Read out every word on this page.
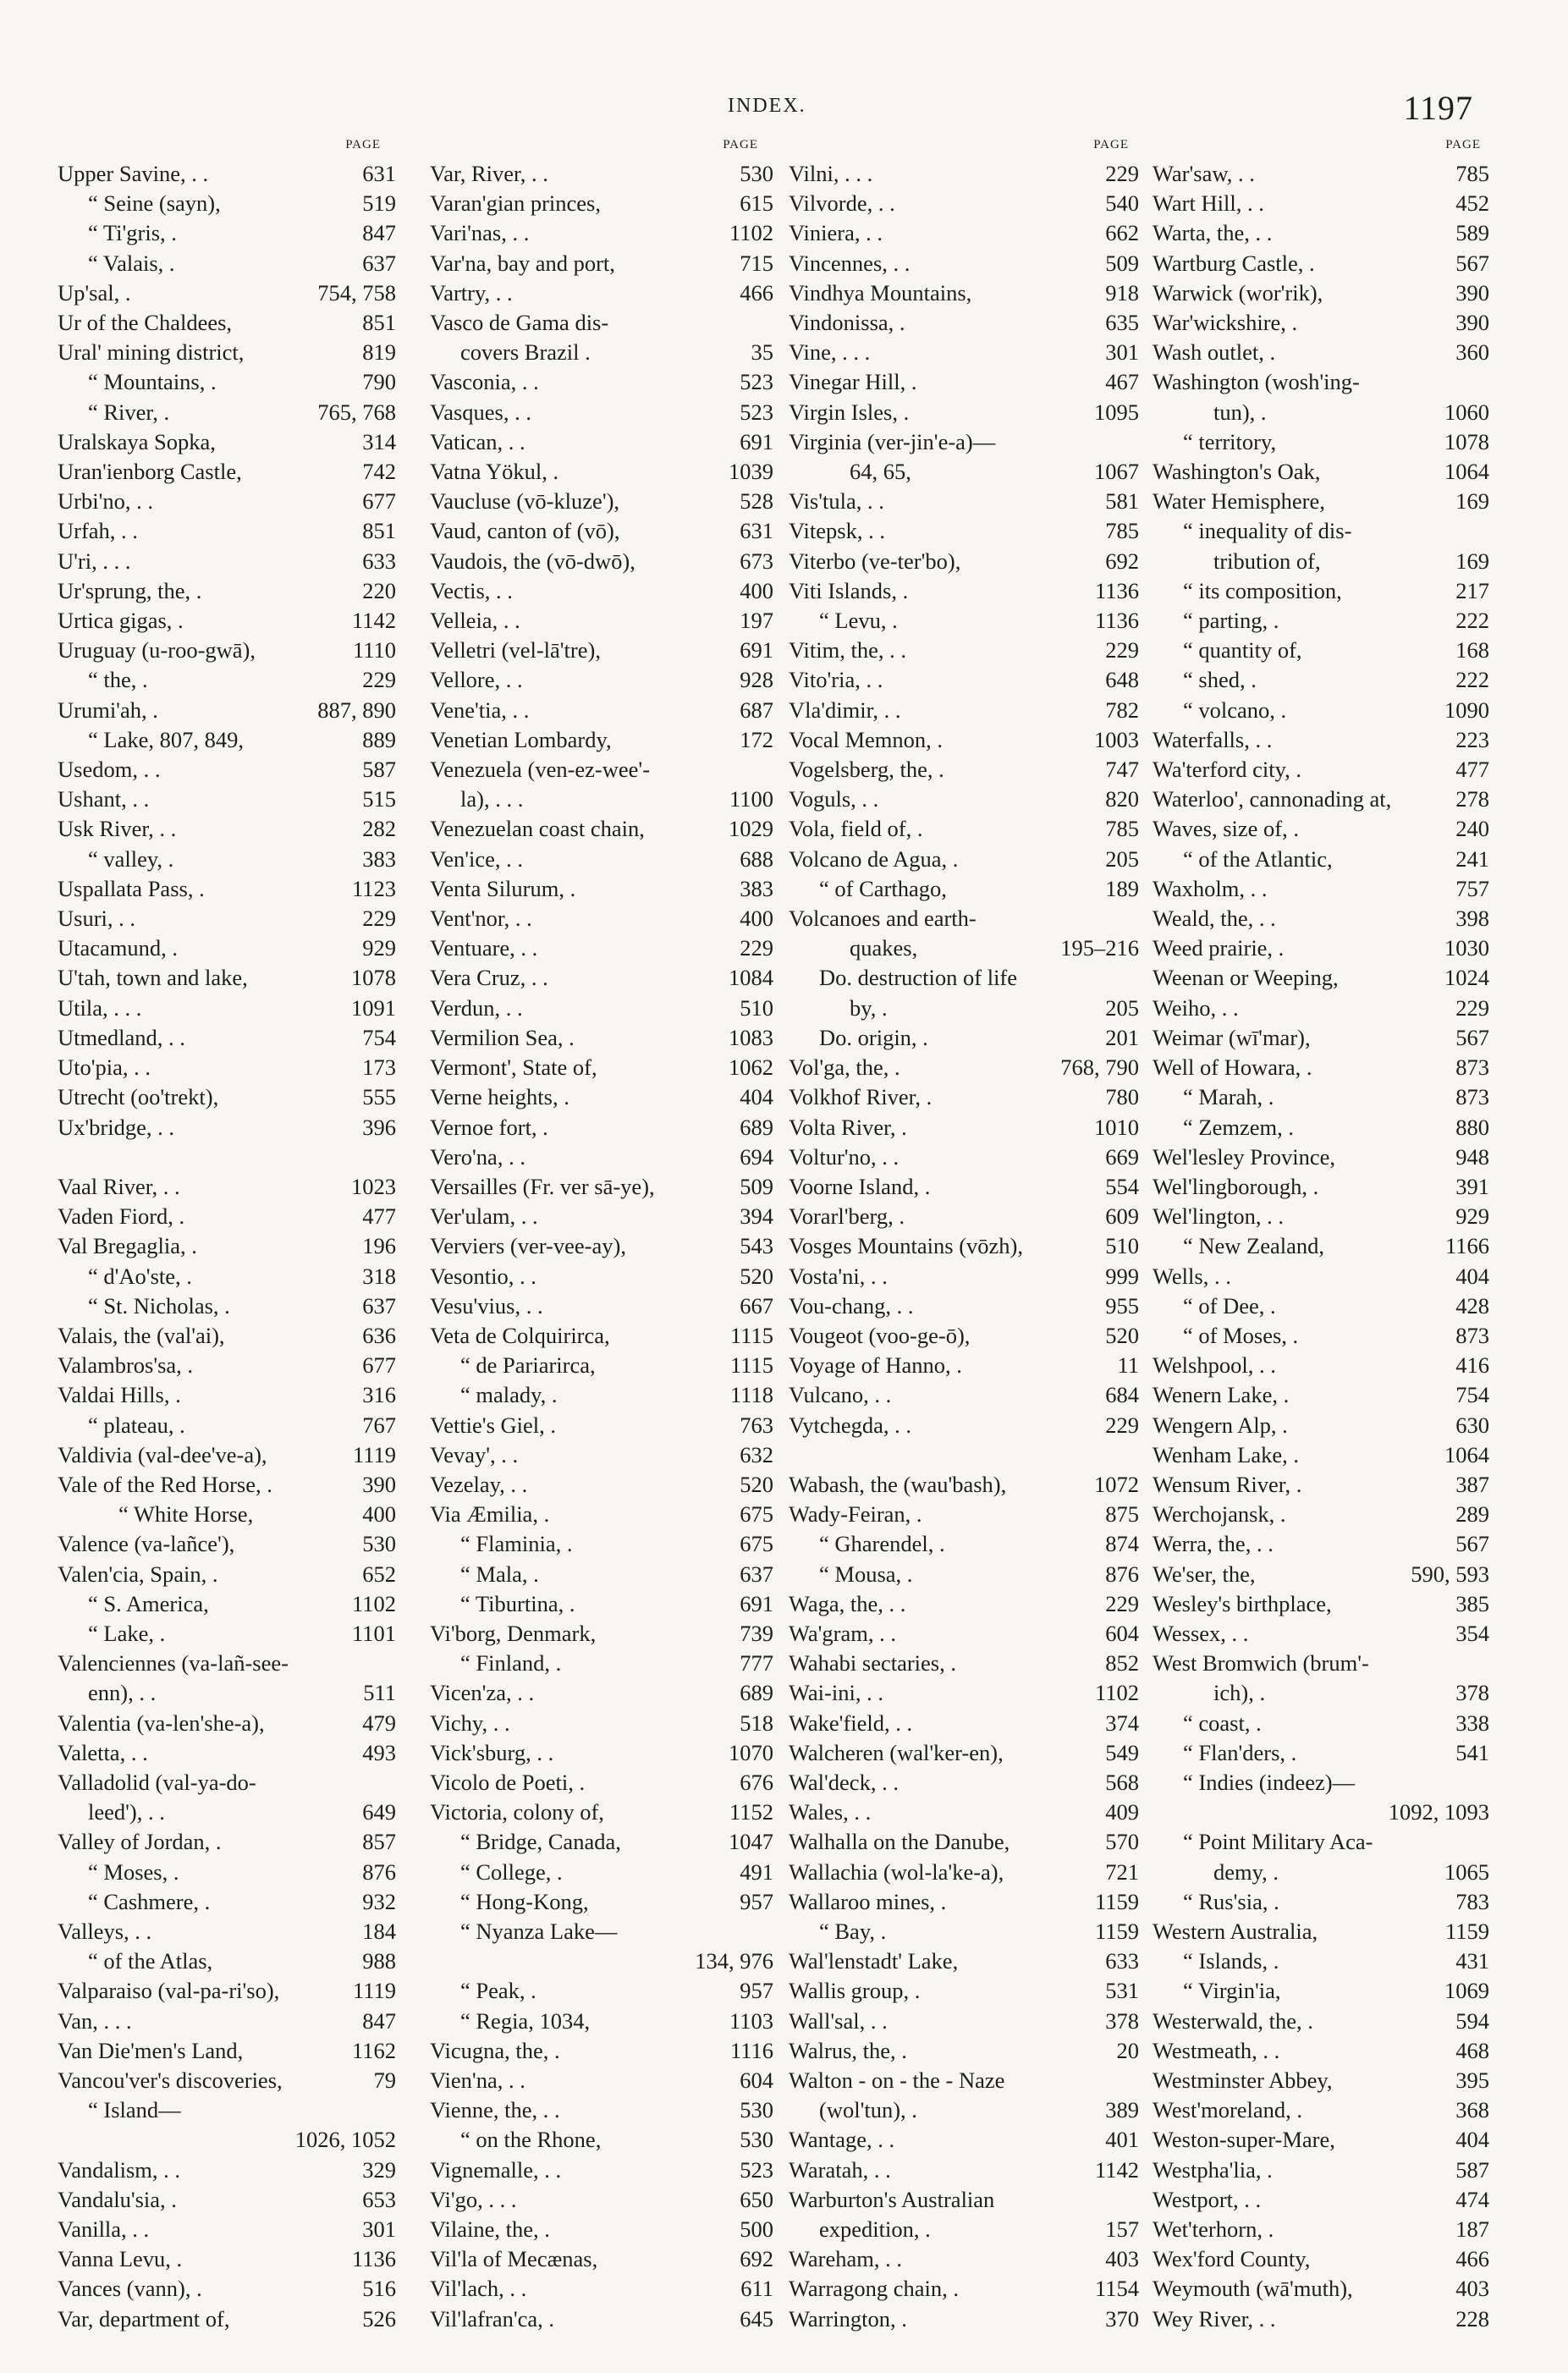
INDEX.	1197
PAGE
Upper Savine, . .	631
“ Seine (sayn),	519
“ Ti'gris, .	847
“ Valais, .	637
Up'sal, .	754, 758
Ur of the Chaldees,	851
Ural' mining district,	819
“ Mountains, .	790
“ River, .	765, 768
Uralskaya Sopka,	314
Uran'ienborg Castle,	742
Urbi'no, . .	677
Urfah, . .	851
U'ri, . . .	633
Ur'sprung, the, .	220
Urtica gigas, .	1142
Uruguay (u-roo-gwā),	1110
“ the, .	229
Urumi'ah, .	887, 890
“ Lake, 807, 849,	889
Usedom, . .	587
Ushant, . .	515
Usk River, . .	282
“ valley, .	383
Uspallata Pass, .	1123
Usuri, . .	229
Utacamund, .	929
U'tah, town and lake,	1078
Utila, . . .	1091
Utmedland, . .	754
Uto'pia, . .	173
Utrecht (oo'trekt),	555
Ux'bridge, . .	396
Vaal River, . .	1023
Vaden Fiord, .	477
Val Bregaglia, .	196
“ d'Ao'ste, .	318
“ St. Nicholas, .	637
Valais, the (val'ai),	636
Valambros'sa, .	677
Valdai Hills, .	316
“ plateau, .	767
Valdivia (val-dee've-a),	1119
Vale of the Red Horse, .	390
“ White Horse,	400
Valence (va-lañce'),	530
Valen'cia, Spain, .	652
“ S. America,	1102
“ Lake, .	1101
Valenciennes (va-lañ-see-
enn), . .	511
Valentia (va-len'she-a),	479
Valetta, . .	493
Valladolid (val-ya-do-
leed'), . .	649
Valley of Jordan, .	857
“ Moses, .	876
“ Cashmere, .	932
Valleys, . .	184
“ of the Atlas,	988
Valparaiso (val-pa-ri'so),	1119
Van, . . .	847
Van Die'men's Land,	1162
Vancou'ver's discoveries,	79
“ Island—
1026, 1052
Vandalism, . .	329
Vandalu'sia, .	653
Vanilla, . .	301
Vanna Levu, .	1136
Vances (vann), .	516
Var, department of,	526
PAGE
Var, River, . .	530
Varan'gian princes,	615
Vari'nas, . .	1102
Var'na, bay and port,	715
Vartry, . .	466
Vasco de Gama dis-
covers Brazil .	35
Vasconia, . .	523
Vasques, . .	523
Vatican, . .	691
Vatna Yökul, .	1039
Vaucluse (vō-kluze'),	528
Vaud, canton of (vō),	631
Vaudois, the (vō-dwō),	673
Vectis, . .	400
Velleia, . .	197
Velletri (vel-lā'tre),	691
Vellore, . .	928
Vene'tia, . .	687
Venetian Lombardy,	172
Venezuela (ven-ez-wee'-
la), . . .	1100
Venezuelan coast chain,	1029
Ven'ice, . .	688
Venta Silurum, .	383
Vent'nor, . .	400
Ventuare, . .	229
Vera Cruz, . .	1084
Verdun, . .	510
Vermilion Sea, .	1083
Vermont', State of,	1062
Verne heights, .	404
Vernoe fort, .	689
Vero'na, . .	694
Versailles (Fr. ver sā-ye),	509
Ver'ulam, . .	394
Verviers (ver-vee-ay),	543
Vesontio, . .	520
Vesu'vius, . .	667
Veta de Colquirirca,	1115
“ de Pariarirca,	1115
“ malady, .	1118
Vettie's Giel, .	763
Vevay', . .	632
Vezelay, . .	520
Via Æmilia, .	675
“ Flaminia, .	675
“ Mala, .	637
“ Tiburtina, .	691
Vi'borg, Denmark,	739
“ Finland, .	777
Vicen'za, . .	689
Vichy, . .	518
Vick'sburg, . .	1070
Vicolo de Poeti, .	676
Victoria, colony of,	1152
“ Bridge, Canada,	1047
“ College, .	491
“ Hong-Kong,	957
“ Nyanza Lake—
134, 976
“ Peak, .	957
“ Regia, 1034,	1103
Vicugna, the, .	1116
Vien'na, . .	604
Vienne, the, . .	530
“ on the Rhone,	530
Vignemalle, . .	523
Vi'go, . . .	650
Vilaine, the, .	500
Vil'la of Mecænas,	692
Vil'lach, . .	611
Vil'lafran'ca, .	645
PAGE
Vilni, . . .	229
Vilvorde, . .	540
Viniera, . .	662
Vincennes, . .	509
Vindhya Mountains,	918
Vindonissa, .	635
Vine, . . .	301
Vinegar Hill, .	467
Virgin Isles, .	1095
Virginia (ver-jin'e-a)—
64, 65,	1067
Vis'tula, . .	581
Vitepsk, . .	785
Viterbo (ve-ter'bo),	692
Viti Islands, .	1136
“ Levu, .	1136
Vitim, the, . .	229
Vito'ria, . .	648
Vla'dimir, . .	782
Vocal Memnon, .	1003
Vogelsberg, the, .	747
Voguls, . .	820
Vola, field of, .	785
Volcano de Agua, .	205
“ of Carthago,	189
Volcanoes and earth-
quakes,	195–216
Do. destruction of life
by, .	205
Do. origin, .	201
Vol'ga, the, .	768, 790
Volkhof River, .	780
Volta River, .	1010
Voltur'no, . .	669
Voorne Island, .	554
Vorarl'berg, .	609
Vosges Mountains (vōzh),	510
Vosta'ni, . .	999
Vou-chang, . .	955
Vougeot (voo-ge-ō),	520
Voyage of Hanno, .	11
Vulcano, . .	684
Vytchegda, . .	229
Wabash, the (wau'bash),	1072
Wady-Feiran, .	875
“ Gharendel, .	874
“ Mousa, .	876
Waga, the, . .	229
Wa'gram, . .	604
Wahabi sectaries, .	852
Wai-ini, . .	1102
Wake'field, . .	374
Walcheren (wal'ker-en),	549
Wal'deck, . .	568
Wales, . .	409
Walhalla on the Danube,	570
Wallachia (wol-la'ke-a),	721
Wallaroo mines, .	1159
“ Bay, .	1159
Wal'lenstadt' Lake,	633
Wallis group, .	531
Wall'sal, . .	378
Walrus, the, .	20
Walton - on - the - Naze
(wol'tun), .	389
Wantage, . .	401
Waratah, . .	1142
Warburton's Australian
expedition, .	157
Wareham, . .	403
Warragong chain, .	1154
Warrington, .	370
PAGE
War'saw, . .	785
Wart Hill, . .	452
Warta, the, . .	589
Wartburg Castle, .	567
Warwick (wor'rik),	390
War'wickshire, .	390
Wash outlet, .	360
Washington (wosh'ing-
tun), .	1060
“ territory,	1078
Washington's Oak,	1064
Water Hemisphere,	169
“ inequality of dis-
tribution of,	169
“ its composition,	217
“ parting, .	222
“ quantity of,	168
“ shed, .	222
“ volcano, .	1090
Waterfalls, . .	223
Wa'terford city, .	477
Waterloo', cannonading at,	278
Waves, size of, .	240
“ of the Atlantic,	241
Waxholm, . .	757
Weald, the, . .	398
Weed prairie, .	1030
Weenan or Weeping,	1024
Weiho, . .	229
Weimar (wī'mar),	567
Well of Howara, .	873
“ Marah, .	873
“ Zemzem, .	880
Wel'lesley Province,	948
Wel'lingborough, .	391
Wel'lington, . .	929
“ New Zealand,	1166
Wells, . .	404
“ of Dee, .	428
“ of Moses, .	873
Welshpool, . .	416
Wenern Lake, .	754
Wengern Alp, .	630
Wenham Lake, .	1064
Wensum River, .	387
Werchojansk, .	289
Werra, the, . .	567
We'ser, the,	590, 593
Wesley's birthplace,	385
Wessex, . .	354
West Bromwich (brum'-
ich), .	378
“ coast, .	338
“ Flan'ders, .	541
“ Indies (indeez)—
1092, 1093
“ Point Military Aca-
demy, .	1065
“ Rus'sia, .	783
Western Australia,	1159
“ Islands, .	431
“ Virgin'ia,	1069
Westerwald, the, .	594
Westmeath, . .	468
Westminster Abbey,	395
West'moreland, .	368
Weston-super-Mare,	404
Westpha'lia, .	587
Westport, . .	474
Wet'terhorn, .	187
Wex'ford County,	466
Weymouth (wā'muth),	403
Wey River, . .	228
